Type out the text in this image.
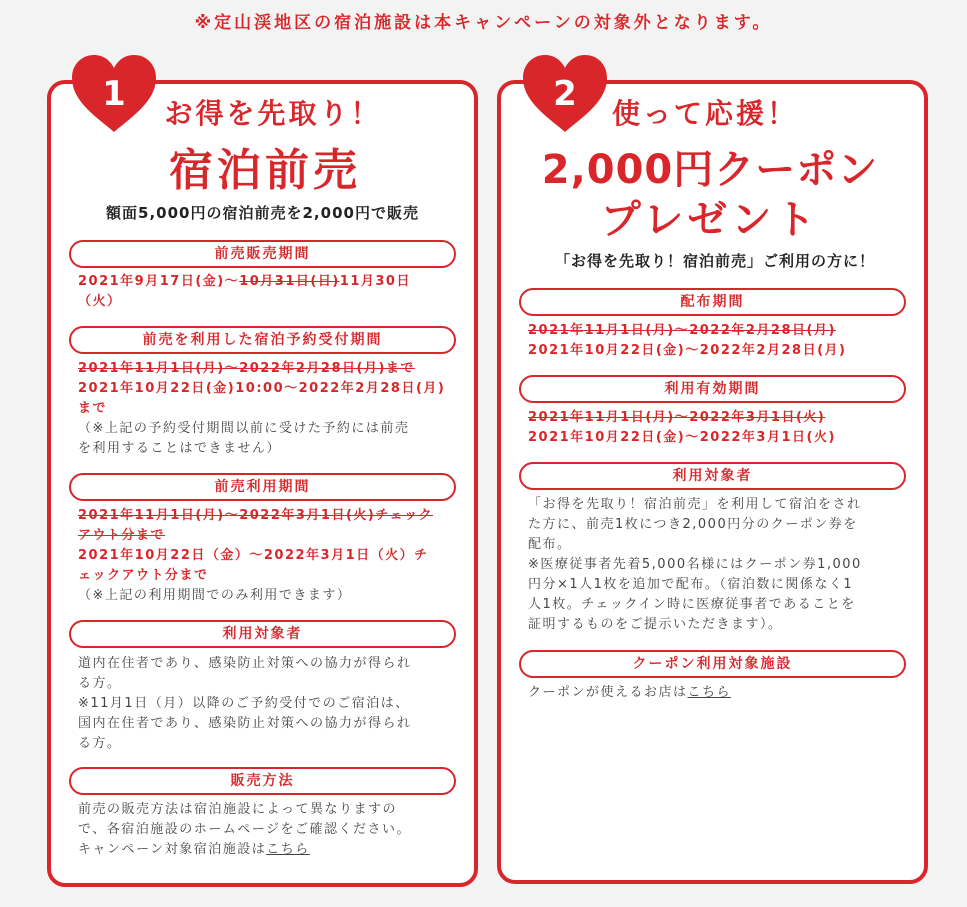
※定山渓地区の宿泊施設は本キャンペーンの対象外となります。
1	お得を先取り！
宿泊前売
額面5,000円の宿泊前売を2,000円で販売
前売販売期間
2021年9月17日(金)～10月31日(日)11月30日
（火）
前売を利用した宿泊予約受付期間
2021年11月1日(月)～2022年2月28日(月)まで
2021年10月22日(金)10:00～2022年2月28日(月)
まで
（※上記の予約受付期間以前に受けた予約には前売
を利用することはできません）
前売利用期間
2021年11月1日(月)～2022年3月1日(火)チェック
アウト分まで
2021年10月22日（金）～2022年3月1日（火）チ
ェックアウト分まで
（※上記の利用期間でのみ利用できます）
利用対象者
道内在住者であり、感染防止対策への協力が得られ
る方。
※11月1日（月）以降のご予約受付でのご宿泊は、
国内在住者であり、感染防止対策への協力が得られ
る方。
販売方法
前売の販売方法は宿泊施設によって異なりますの
で、各宿泊施設のホームページをご確認ください。
キャンペーン対象宿泊施設はこちら
2	使って応援！
2,000円クーポン
プレゼント
「お得を先取り！宿泊前売」ご利用の方に！
配布期間
2021年11月1日(月)～2022年2月28日(月)
2021年10月22日(金)～2022年2月28日(月)
利用有効期間
2021年11月1日(月)～2022年3月1日(火)
2021年10月22日(金)～2022年3月1日(火)
利用対象者
「お得を先取り！宿泊前売」を利用して宿泊をされ
た方に、前売1枚につき2,000円分のクーポン券を
配布。
※医療従事者先着5,000名様にはクーポン券1,000
円分×1人1枚を追加で配布。（宿泊数に関係なく1
人1枚。チェックイン時に医療従事者であることを
証明するものをご提示いただきます）。
クーポン利用対象施設
クーポンが使えるお店はこちら
